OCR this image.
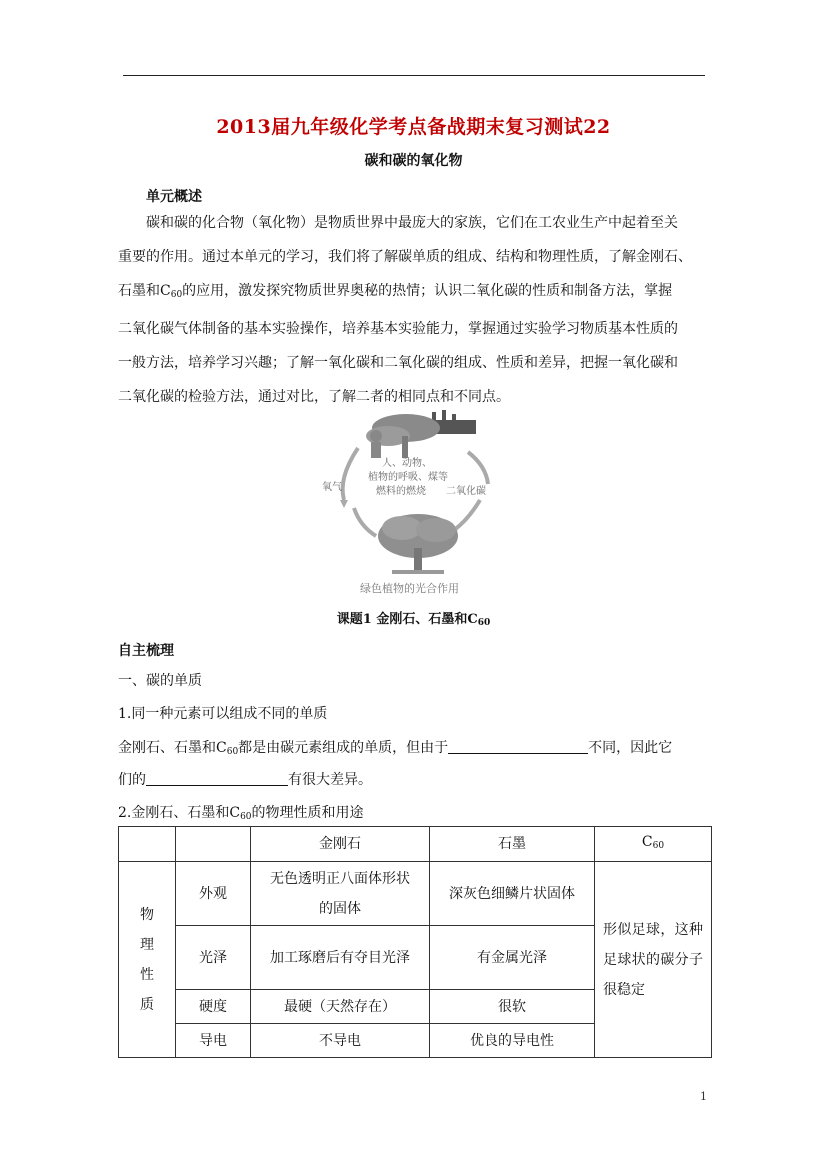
2013届九年级化学考点备战期末复习测试22
碳和碳的氧化物
单元概述
碳和碳的化合物（氧化物）是物质世界中最庞大的家族，它们在工农业生产中起着至关
重要的作用。通过本单元的学习，我们将了解碳单质的组成、结构和物理性质，了解金刚石、
石墨和$C_{60}$的应用，激发探究物质世界奥秘的热情；认识二氧化碳的性质和制备方法，掌握
二氧化碳气体制备的基本实验操作，培养基本实验能力，掌握通过实验学习物质基本性质的
一般方法，培养学习兴趣；了解一氧化碳和二氧化碳的组成、性质和差异，把握一氧化碳和
二氧化碳的检验方法，通过对比，了解二者的相同点和不同点。
人、动物、
植物的呼吸、煤等
燃料的燃烧
氧气	二氧化碳
绿色植物的光合作用
课题1 金刚石、石墨和$C_{60}$
自主梳理
一、碳的单质
1.同一种元素可以组成不同的单质
金刚石、石墨和$C_{60}$都是由碳元素组成的单质，但由于	不同，因此它
们的	有很大差异。
2.金刚石、石墨和$C_{60}$的物理性质和用途
		金刚石	石墨	$C_{60}$

物
理
性
质	外观	无色透明正八面体形状的固体	深灰色细鳞片状固体	形似足球，这种足球状的碳分子很稳定
	光泽	加工琢磨后有夺目光泽	有金属光泽	
	硬度	最硬（天然存在）	很软	
	导电	不导电	优良的导电性	
1
